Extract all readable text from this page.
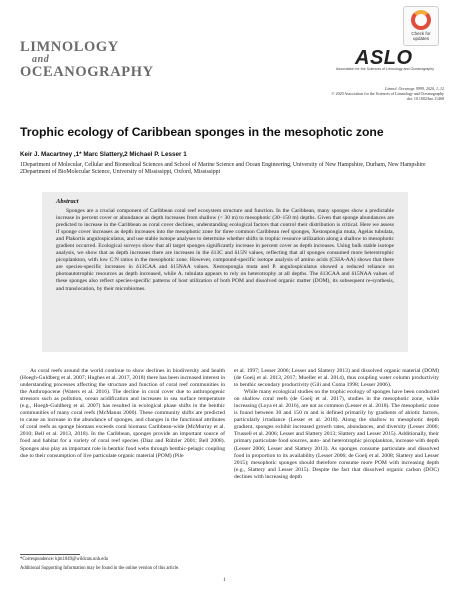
LIMNOLOGY
and
OCEANOGRAPHY
Check for updates
ASLO
Association for the Sciences of Limnology and Oceanography
Limnol. Oceanogr. 9999, 2020, 1–12
© 2020 Association for the Sciences of Limnology and Oceanography
doi: 10.1002/lno.11468
Trophic ecology of Caribbean sponges in the mesophotic zone
Keir J. Macartney ,1* Marc Slattery,2 Michael P. Lesser 1
1Department of Molecular, Cellular and Biomedical Sciences and School of Marine Science and Ocean Engineering, University of New Hampshire, Durham, New Hampshire
2Department of BioMolecular Science, University of Mississippi, Oxford, Mississippi
Abstract

Sponges are a crucial component of Caribbean coral reef ecosystem structure and function. In the Caribbean, many sponges show a predictable increase in percent cover or abundance as depth increases from shallow (< 30 m) to mesophotic (30–150 m) depths. Given that sponge abundances are predicted to increase in the Caribbean as coral cover declines, understanding ecological factors that control their distribution is critical. Here we assess if sponge cover increases as depth increases into the mesophotic zone for three common Caribbean reef sponges, Xestospongia muta, Agelas tubulata, and Plakortis angulospiculatus, and use stable isotope analyses to determine whether shifts in trophic resource utilization along a shallow to mesophotic gradient occurred. Ecological surveys show that all target sponges significantly increase in percent cover as depth increases. Using bulk stable isotope analysis, we show that as depth increases there are increases in the δ13C and δ15N values, reflecting that all sponges consumed more heterotrophic picoplankton, with low C:N ratios in the mesophotic zone. However, compound-specific isotope analysis of amino acids (CSIA-AA) shows that there are species-specific increases in δ13CAA and δ15NAA values. Xestospongia muta and P. angulospiculatus showed a reduced reliance on photoautotrophic resources as depth increased, while A. tubulata appears to rely on heterotrophy at all depths. The δ13CAA and δ15NAA values of these sponges also reflect species-specific patterns of host utilization of both POM and dissolved organic matter (DOM), its subsequent re-synthesis, and translocation, by their microbiomes.

As coral reefs around the world continue to show declines in biodiversity and health (Hoegh-Guldberg et al. 2007; Hughes et al. 2017, 2018) there has been increased interest in understanding processes affecting the structure and function of coral reef communities in the Anthropocene (Waters et al. 2016). The decline in coral cover due to anthropogenic stressors such as pollution, ocean acidification and increases in sea surface temperature (e.g., Hoegh-Guldberg et al. 2007) has resulted in ecological phase shifts in the benthic communities of many coral reefs (McManus 2000). These community shifts are predicted to cause an increase in the abundance of sponges, and changes in the functional attributes of coral reefs as sponge biomass exceeds coral biomass Caribbean-wide (McMurray et al. 2010; Bell et al. 2013, 2018). In the Caribbean, sponges provide an important source of food and habitat for a variety of coral reef species (Diaz and Rützler 2001; Bell 2008). Sponges also play an important role in benthic food webs through benthic-pelagic coupling due to their consumption of live particulate organic material (POM) (Pile

et al. 1997; Lesser 2006; Lesser and Slattery 2013) and dissolved organic material (DOM) (de Goeij et al. 2013, 2017; Mueller et al. 2014), thus coupling water column productivity to benthic secondary productivity (Gili and Coma 1998; Lesser 2006).

While many ecological studies on the trophic ecology of sponges have been conducted on shallow coral reefs (de Goeij et al. 2017), studies in the mesophotic zone, while increasing (Loya et al. 2016), are not as common (Lesser et al. 2018). The mesophotic zone is found between 30 and 150 m and is defined primarily by gradients of abiotic factors, particularly irradiance (Lesser et al. 2018). Along the shallow to mesophotic depth gradient, sponges exhibit increased growth rates, abundances, and diversity (Lesser 2006; Trussell et al. 2006; Lesser and Slattery 2013; Slattery and Lesser 2015). Additionally, their primary particulate food sources, auto- and heterotrophic picoplankton, increase with depth (Lesser 2006; Lesser and Slattery 2013). As sponges consume particulate and dissolved food in proportion to its availability (Lesser 2006; de Goeij et al. 2008; Slattery and Lesser 2015); mesophotic sponges should therefore consume more POM with increasing depth (e.g., Slattery and Lesser 2015). Despite the fact that dissolved organic carbon (DOC) declines with increasing depth

*Correspondence: kjm1049@wildcats.unh.edu
Additional Supporting Information may be found in the online version of this article.
1
